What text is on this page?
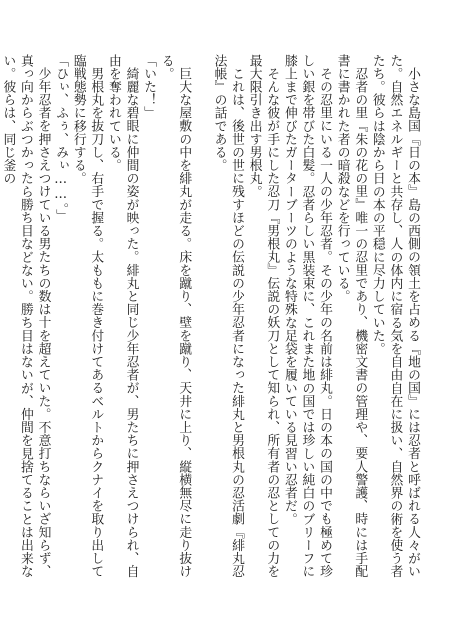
小さな島国『日の本』島の西側の領土を占める『地の国』には忍者と呼ばれる人々がいた。自然エネルギーと共存し、人の体内に宿る気を自由自在に扱い、自然界の術を使う者たち。彼らは陰から日の本の平穏に尽力していた。

忍者の里『朱の花の里』唯一の忍里であり、機密文書の管理や、要人警護、時には手配書に書かれた者の暗殺などを行っている。

その忍里にいる一人の少年忍者。その少年の名前は緋丸。日の本の国の中でも極めて珍しい銀を帯びた白髪。忍者らしい黒装束に、これまた地の国では珍しい純白のブリーフに膝上まで伸びたガーターブーツのような特殊な足袋を履いている見習い忍者だ。

そんな彼が手にした忍刀『男根丸』伝説の妖刀として知られ、所有者の忍としての力を最大限引き出す男根丸。

これは、後世の世に残すほどの伝説の少年忍者になった緋丸と男根丸の忍活劇『緋丸忍法帳』の話である。

巨大な屋敷の中を緋丸が走る。床を蹴り、壁を蹴り、天井に上り、縦横無尽に走り抜ける。

「いた！」

綺麗な碧眼に仲間の姿が映った。緋丸と同じ少年忍者が、男たちに押さえつけられ、自由を奪われている。

男根丸を抜刀し、右手で握る。太ももに巻き付けてあるベルトからクナイを取り出して臨戦態勢に移行する。

「ひぃ、ふぅ、みぃ……。」

少年忍者を押さえつけている男たちの数は十を超えていた。不意打ちならいざ知らず、真っ向からぶつかったら勝ち目などない。勝ち目はないが、仲間を見捨てることは出来ない。彼らは、同じ釜の
